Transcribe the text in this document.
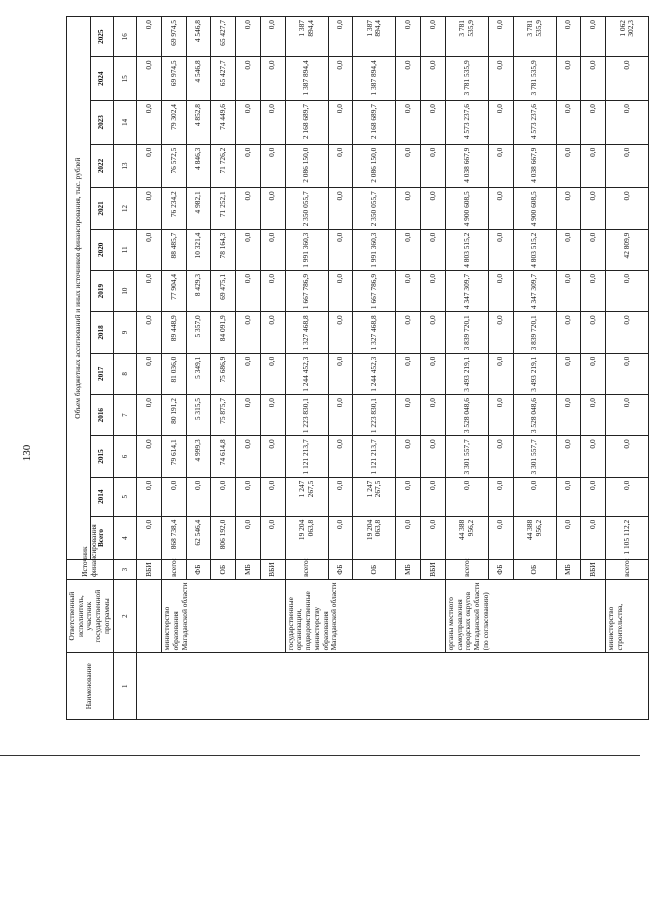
130
Наименование	Ответственный исполнитель, участник государственной программы	Источник финансирования	Объем бюджетных ассигнований и иных источников финансирования, тыс. рублей												
			Всего	2014	2015	2016	2017	2018	2019	2020	2021	2022	2023	2024	2025
1	2	3	4	5	6	7	8	9	10	11	12	13	14	15	16
		ВБИ	0,0	0,0	0,0	0,0	0,0	0,0	0,0	0,0	0,0	0,0	0,0	0,0	0,0
	министерство образования Магаданской области	всего:	868 738,4	0,0	79 614,1	80 191,2	81 036,0	89 448,9	77 904,4	88 485,7	76 234,2	76 572,5	79 302,4	69 974,5	69 974,5
		ФБ	62 546,4	0,0	4 999,3	5 315,5	5 349,1	5 357,0	8 429,3	10 321,4	4 982,1	4 846,3	4 852,8	4 546,8	4 546,8
		ОБ	806 192,0	0,0	74 614,8	75 875,7	75 686,9	84 091,9	69 475,1	78 164,3	71 252,1	71 726,2	74 449,6	65 427,7	65 427,7
		МБ	0,0	0,0	0,0	0,0	0,0	0,0	0,0	0,0	0,0	0,0	0,0	0,0	0,0
		ВБИ	0,0	0,0	0,0	0,0	0,0	0,0	0,0	0,0	0,0	0,0	0,0	0,0	0,0
	государственные организации, подведомственные министерству образования Магаданской области	всего:	19 204 063,8	1 247 267,5	1 121 213,7	1 223 830,1	1 244 452,3	1 327 468,8	1 667 786,9	1 991 360,3	2 350 055,7	2 086 150,0	2 168 689,7	1 387 894,4	1 387 894,4
		ФБ	0,0	0,0	0,0	0,0	0,0	0,0	0,0	0,0	0,0	0,0	0,0	0,0	0,0
		ОБ	19 204 063,8	1 247 267,5	1 121 213,7	1 223 830,1	1 244 452,3	1 327 468,8	1 667 786,9	1 991 360,3	2 350 055,7	2 086 150,0	2 168 689,7	1 387 894,4	1 387 894,4
		МБ	0,0	0,0	0,0	0,0	0,0	0,0	0,0	0,0	0,0	0,0	0,0	0,0	0,0
		ВБИ	0,0	0,0	0,0	0,0	0,0	0,0	0,0	0,0	0,0	0,0	0,0	0,0	0,0
	органы местного самоуправления городских округов Магаданской области (по согласованию)	всего:	44 388 956,2	0,0	3 301 557,7	3 528 048,6	3 493 219,1	3 839 720,1	4 347 309,7	4 803 515,2	4 900 608,5	4 038 667,9	4 573 237,6	3 781 535,9	3 781 535,9
		ФБ	0,0	0,0	0,0	0,0	0,0	0,0	0,0	0,0	0,0	0,0	0,0	0,0	0,0
		ОБ	44 388 956,2	0,0	3 301 557,7	3 528 048,6	3 493 219,1	3 839 720,1	4 347 309,7	4 803 515,2	4 900 608,5	4 038 667,9	4 573 237,6	3 781 535,9	3 781 535,9
		МБ	0,0	0,0	0,0	0,0	0,0	0,0	0,0	0,0	0,0	0,0	0,0	0,0	0,0
		ВБИ	0,0	0,0	0,0	0,0	0,0	0,0	0,0	0,0	0,0	0,0	0,0	0,0	0,0
	министерство строительства,	всего:	1 105 112,2	0,0	0,0	0,0	0,0	0,0	0,0	42 809,9	0,0	0,0	0,0	0,0	1 062 302,3
